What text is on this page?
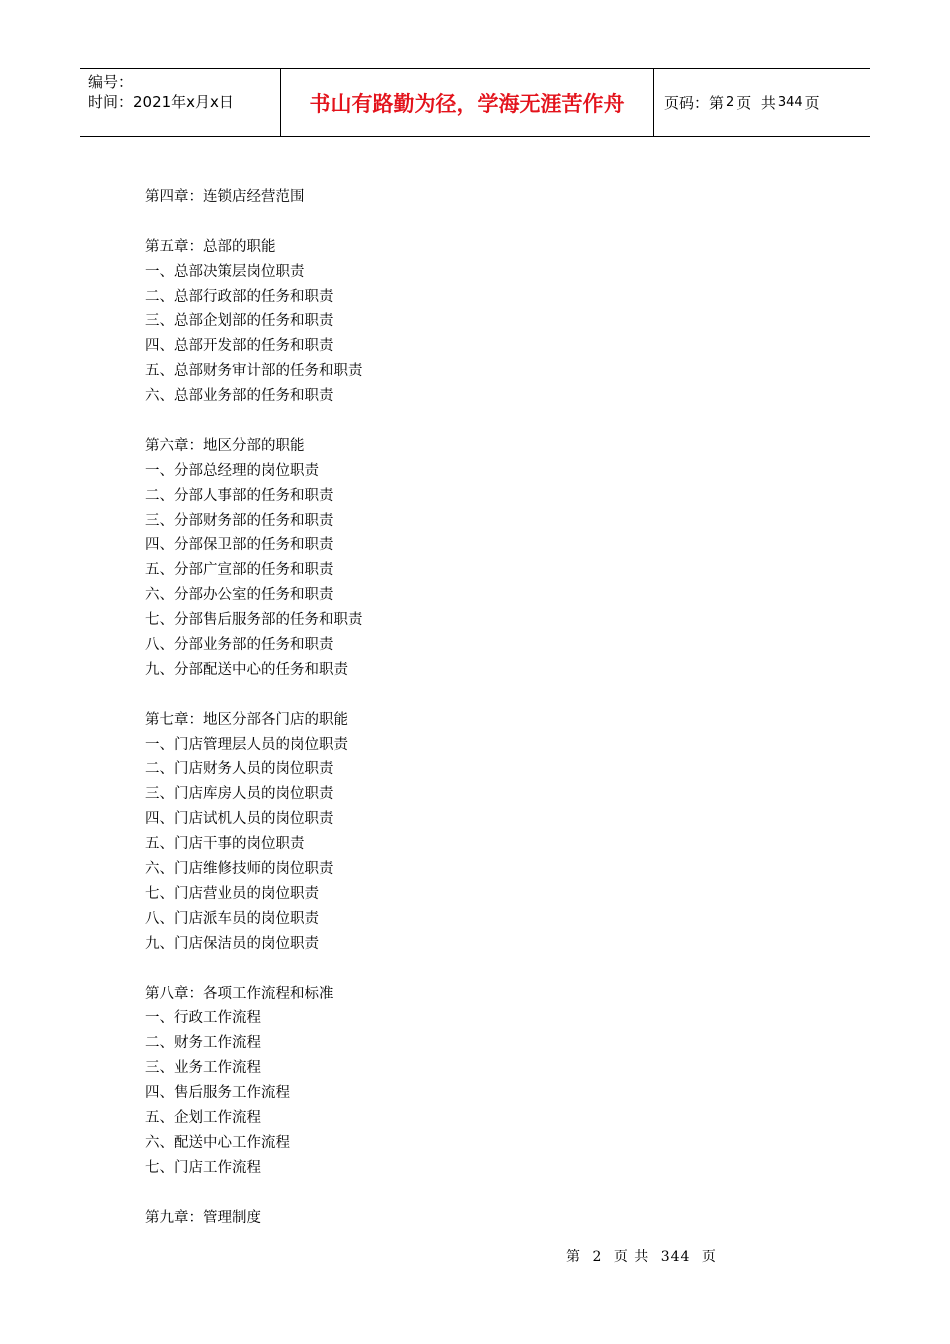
编号：
时间：2021年x月x日	书山有路勤为径，学海无涯苦作舟	页码：第 2 页  共 344 页
第四章：连锁店经营范围
第五章：总部的职能
一、总部决策层岗位职责
二、总部行政部的任务和职责
三、总部企划部的任务和职责
四、总部开发部的任务和职责
五、总部财务审计部的任务和职责
六、总部业务部的任务和职责
第六章：地区分部的职能
一、分部总经理的岗位职责
二、分部人事部的任务和职责
三、分部财务部的任务和职责
四、分部保卫部的任务和职责
五、分部广宣部的任务和职责
六、分部办公室的任务和职责
七、分部售后服务部的任务和职责
八、分部业务部的任务和职责
九、分部配送中心的任务和职责
第七章：地区分部各门店的职能
一、门店管理层人员的岗位职责
二、门店财务人员的岗位职责
三、门店库房人员的岗位职责
四、门店试机人员的岗位职责
五、门店干事的岗位职责
六、门店维修技师的岗位职责
七、门店营业员的岗位职责
八、门店派车员的岗位职责
九、门店保洁员的岗位职责
第八章：各项工作流程和标准
一、行政工作流程
二、财务工作流程
三、业务工作流程
四、售后服务工作流程
五、企划工作流程
六、配送中心工作流程
七、门店工作流程
第九章：管理制度
第 2 页 共 344 页
